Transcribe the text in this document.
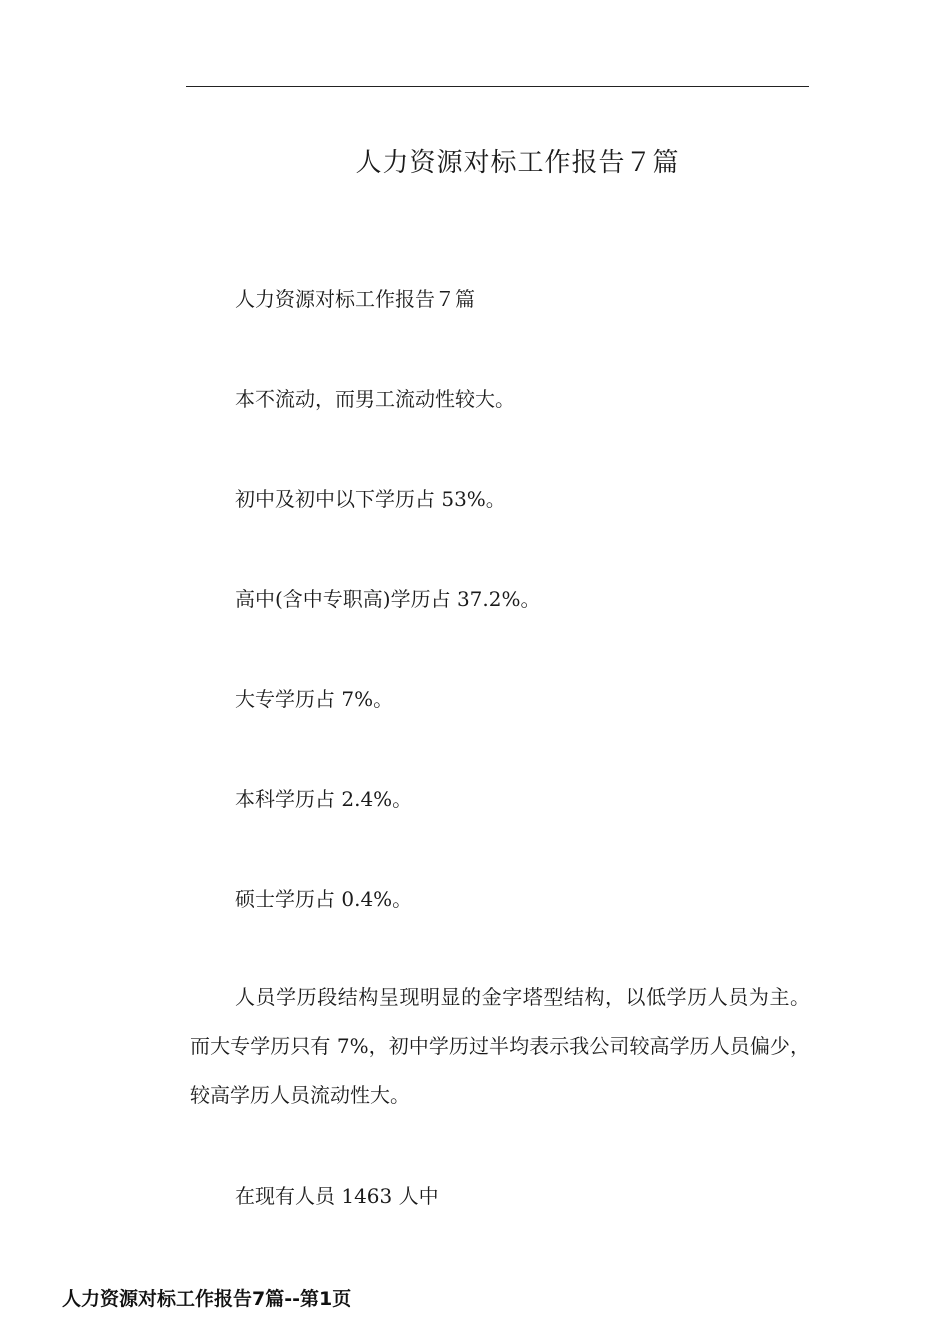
人力资源对标工作报告７篇
人力资源对标工作报告７篇
本不流动，而男工流动性较大。
初中及初中以下学历占 53%。
高中(含中专职高)学历占 37.2%。
大专学历占 7%。
本科学历占 2.4%。
硕士学历占 0.4%。
人员学历段结构呈现明显的金字塔型结构，以低学历人员为主。而大专学历只有 7%，初中学历过半均表示我公司较高学历人员偏少，较高学历人员流动性大。
在现有人员 1463 人中
人力资源对标工作报告7篇--第1页
